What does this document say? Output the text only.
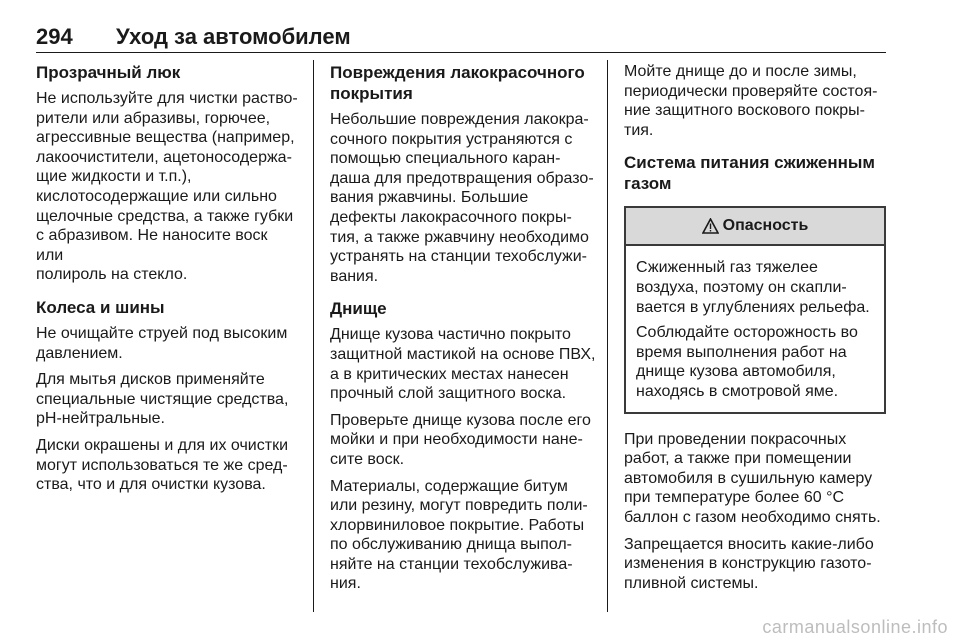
294 Уход за автомобилем
Прозрачный люк
Не используйте для чистки раство-
рители или абразивы, горючее,
агрессивные вещества (например,
лакоочистители, ацетоносодержа-
щие жидкости и т.п.),
кислотосодержащие или сильно
щелочные средства, а также губки
с абразивом. Не наносите воск или
полироль на стекло.
Колеса и шины
Не очищайте струей под высоким
давлением.
Для мытья дисков применяйте
специальные чистящие средства,
pH-нейтральные.
Диски окрашены и для их очистки
могут использоваться те же сред-
ства, что и для очистки кузова.
Повреждения лакокрасочного
покрытия
Небольшие повреждения лакокра-
сочного покрытия устраняются с
помощью специального каран-
даша для предотвращения образо-
вания ржавчины. Большие
дефекты лакокрасочного покры-
тия, а также ржавчину необходимо
устранять на станции техобслужи-
вания.
Днище
Днище кузова частично покрыто
защитной мастикой на основе ПВХ,
а в критических местах нанесен
прочный слой защитного воска.
Проверьте днище кузова после его
мойки и при необходимости нане-
сите воск.
Материалы, содержащие битум
или резину, могут повредить поли-
хлорвиниловое покрытие. Работы
по обслуживанию днища выпол-
няйте на станции техобслужива-
ния.
Мойте днище до и после зимы,
периодически проверяйте состоя-
ние защитного воскового покры-
тия.
Система питания сжиженным
газом
Опасность
Сжиженный газ тяжелее
воздуха, поэтому он скапли-
вается в углублениях рельефа.
Соблюдайте осторожность во
время выполнения работ на
днище кузова автомобиля,
находясь в смотровой яме.
При проведении покрасочных
работ, а также при помещении
автомобиля в сушильную камеру
при температуре более 60 °C
баллон с газом необходимо снять.
Запрещается вносить какие-либо
изменения в конструкцию газото-
пливной системы.
carmanualsonline.info
